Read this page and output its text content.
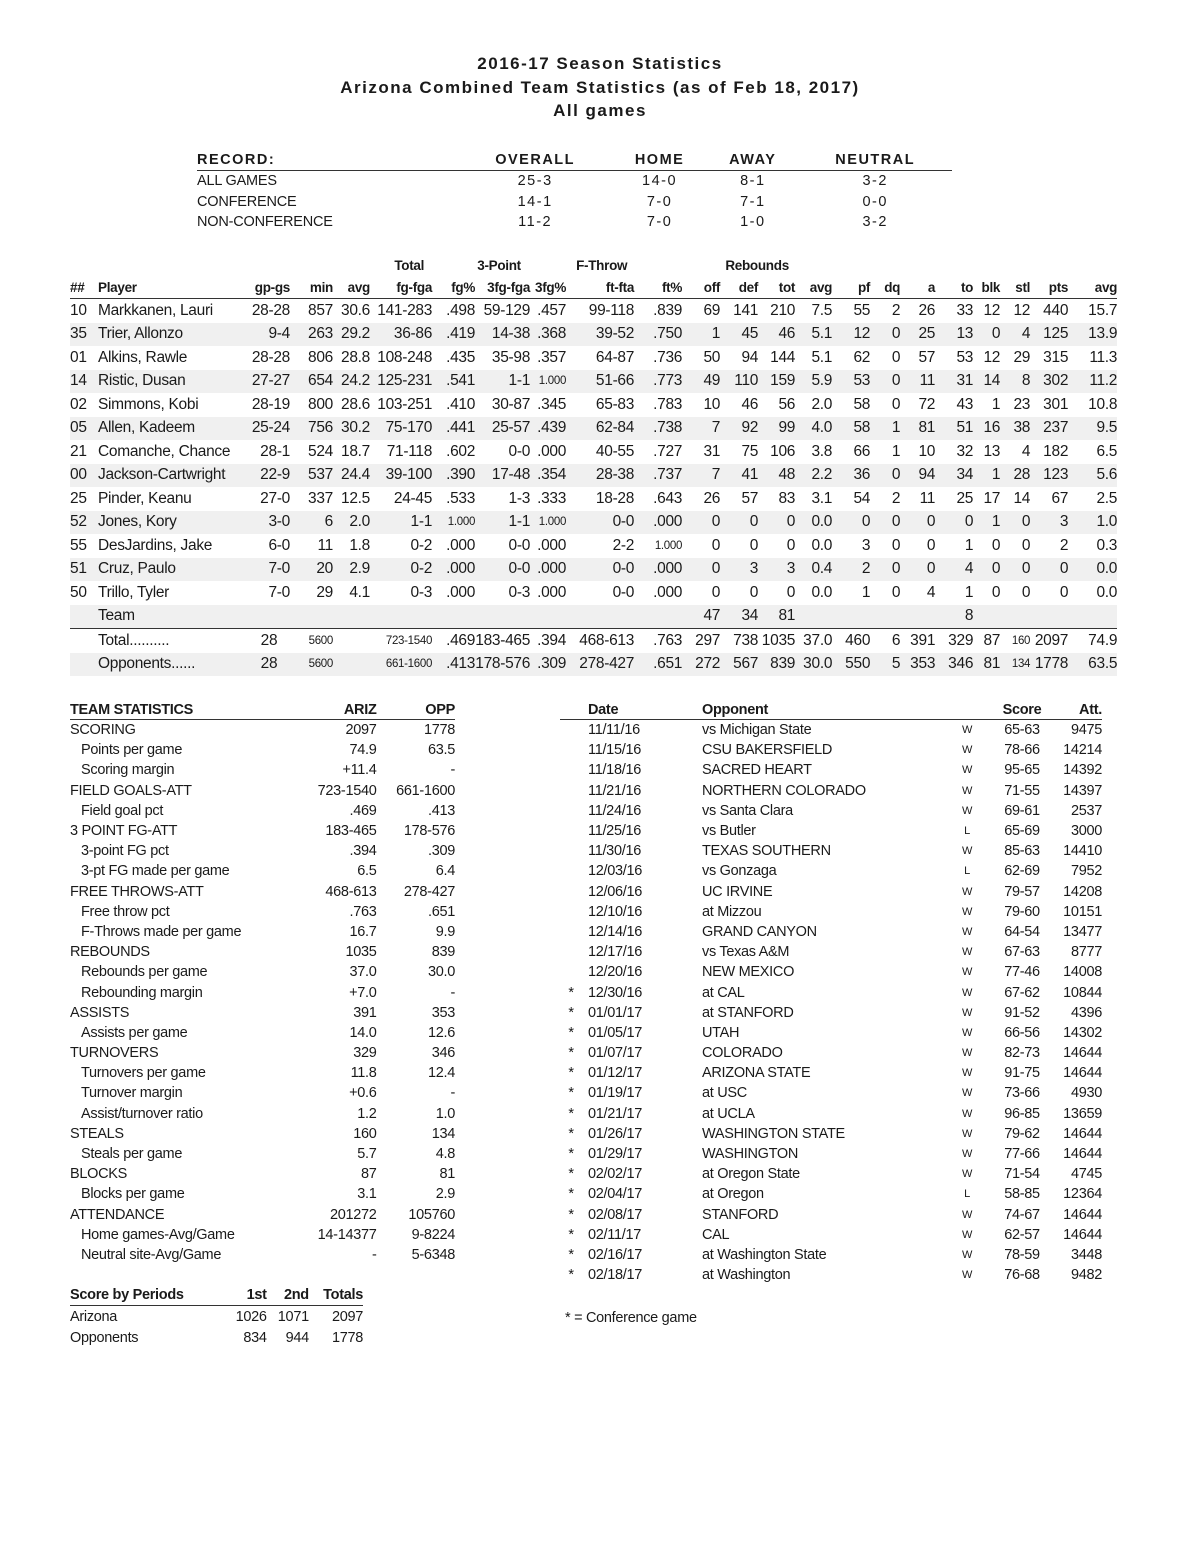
2016-17 Season Statistics
Arizona Combined Team Statistics (as of Feb 18, 2017)
All games
RECORD:	OVERALL	HOME	AWAY	NEUTRAL
ALL GAMES	25-3	14-0	8-1	3-2
CONFERENCE	14-1	7-0	7-1	0-0
NON-CONFERENCE	11-2	7-0	1-0	3-2
Total						3-Point			F-Throw		Rebounds											
##	Player	gp-gs	min	avg	fg-fga	fg%	3fg-fga	3fg%	ft-fta	ft%	off	def	tot	avg	pf	dq	a	to	blk	stl	pts	avg
10	Markkanen, Lauri	28-28	857	30.6	141-283	.498	59-129	.457	99-118	.839	69	141	210	7.5	55	2	26	33	12	12	440	15.7
35	Trier, Allonzo	9-4	263	29.2	36-86	.419	14-38	.368	39-52	.750	1	45	46	5.1	12	0	25	13	0	4	125	13.9
01	Alkins, Rawle	28-28	806	28.8	108-248	.435	35-98	.357	64-87	.736	50	94	144	5.1	62	0	57	53	12	29	315	11.3
14	Ristic, Dusan	27-27	654	24.2	125-231	.541	1-1	1.000	51-66	.773	49	110	159	5.9	53	0	11	31	14	8	302	11.2
02	Simmons, Kobi	28-19	800	28.6	103-251	.410	30-87	.345	65-83	.783	10	46	56	2.0	58	0	72	43	1	23	301	10.8
05	Allen, Kadeem	25-24	756	30.2	75-170	.441	25-57	.439	62-84	.738	7	92	99	4.0	58	1	81	51	16	38	237	9.5
21	Comanche, Chance	28-1	524	18.7	71-118	.602	0-0	.000	40-55	.727	31	75	106	3.8	66	1	10	32	13	4	182	6.5
00	Jackson-Cartwright	22-9	537	24.4	39-100	.390	17-48	.354	28-38	.737	7	41	48	2.2	36	0	94	34	1	28	123	5.6
25	Pinder, Keanu	27-0	337	12.5	24-45	.533	1-3	.333	18-28	.643	26	57	83	3.1	54	2	11	25	17	14	67	2.5
52	Jones, Kory	3-0	6	2.0	1-1	1.000	1-1	1.000	0-0	.000	0	0	0	0.0	0	0	0	0	1	0	3	1.0
55	DesJardins, Jake	6-0	11	1.8	0-2	.000	0-0	.000	2-2	1.000	0	0	0	0.0	3	0	0	1	0	0	2	0.3
51	Cruz, Paulo	7-0	20	2.9	0-2	.000	0-0	.000	0-0	.000	0	3	3	0.4	2	0	0	4	0	0	0	0.0
50	Trillo, Tyler	7-0	29	4.1	0-3	.000	0-3	.000	0-0	.000	0	0	0	0.0	1	0	4	1	0	0	0	0.0
	Team										47	34	81					8				
	Total..........	28	5600		723-1540	.469	183-465	.394	468-613	.763	297	738	1035	37.0	460	6	391	329	87	160	2097	74.9
	Opponents......	28	5600		661-1600	.413	178-576	.309	278-427	.651	272	567	839	30.0	550	5	353	346	81	134	1778	63.5
TEAM STATISTICS	ARIZ	OPP
SCORING	2097	1778
Points per game	74.9	63.5
Scoring margin	+11.4	-
FIELD GOALS-ATT	723-1540	661-1600
Field goal pct	.469	.413
3 POINT FG-ATT	183-465	178-576
3-point FG pct	.394	.309
3-pt FG made per game	6.5	6.4
FREE THROWS-ATT	468-613	278-427
Free throw pct	.763	.651
F-Throws made per game	16.7	9.9
REBOUNDS	1035	839
Rebounds per game	37.0	30.0
Rebounding margin	+7.0	-
ASSISTS	391	353
Assists per game	14.0	12.6
TURNOVERS	329	346
Turnovers per game	11.8	12.4
Turnover margin	+0.6	-
Assist/turnover ratio	1.2	1.0
STEALS	160	134
Steals per game	5.7	4.8
BLOCKS	87	81
Blocks per game	3.1	2.9
ATTENDANCE	201272	105760
Home games-Avg/Game	14-14377	9-8224
Neutral site-Avg/Game	-	5-6348
	Date	Opponent		Score	Att.
	11/11/16	vs Michigan State	W	65-63	9475
	11/15/16	CSU BAKERSFIELD	W	78-66	14214
	11/18/16	SACRED HEART	W	95-65	14392
	11/21/16	NORTHERN COLORADO	W	71-55	14397
	11/24/16	vs Santa Clara	W	69-61	2537
	11/25/16	vs Butler	L	65-69	3000
	11/30/16	TEXAS SOUTHERN	W	85-63	14410
	12/03/16	vs Gonzaga	L	62-69	7952
	12/06/16	UC IRVINE	W	79-57	14208
	12/10/16	at Mizzou	W	79-60	10151
	12/14/16	GRAND CANYON	W	64-54	13477
	12/17/16	vs Texas A&M	W	67-63	8777
	12/20/16	NEW MEXICO	W	77-46	14008
*	12/30/16	at CAL	W	67-62	10844
*	01/01/17	at STANFORD	W	91-52	4396
*	01/05/17	UTAH	W	66-56	14302
*	01/07/17	COLORADO	W	82-73	14644
*	01/12/17	ARIZONA STATE	W	91-75	14644
*	01/19/17	at USC	W	73-66	4930
*	01/21/17	at UCLA	W	96-85	13659
*	01/26/17	WASHINGTON STATE	W	79-62	14644
*	01/29/17	WASHINGTON	W	77-66	14644
*	02/02/17	at Oregon State	W	71-54	4745
*	02/04/17	at Oregon	L	58-85	12364
*	02/08/17	STANFORD	W	74-67	14644
*	02/11/17	CAL	W	62-57	14644
*	02/16/17	at Washington State	W	78-59	3448
*	02/18/17	at Washington	W	76-68	9482
* = Conference game
Score by Periods	1st	2nd	Totals
Arizona	1026	1071	2097
Opponents	834	944	1778
